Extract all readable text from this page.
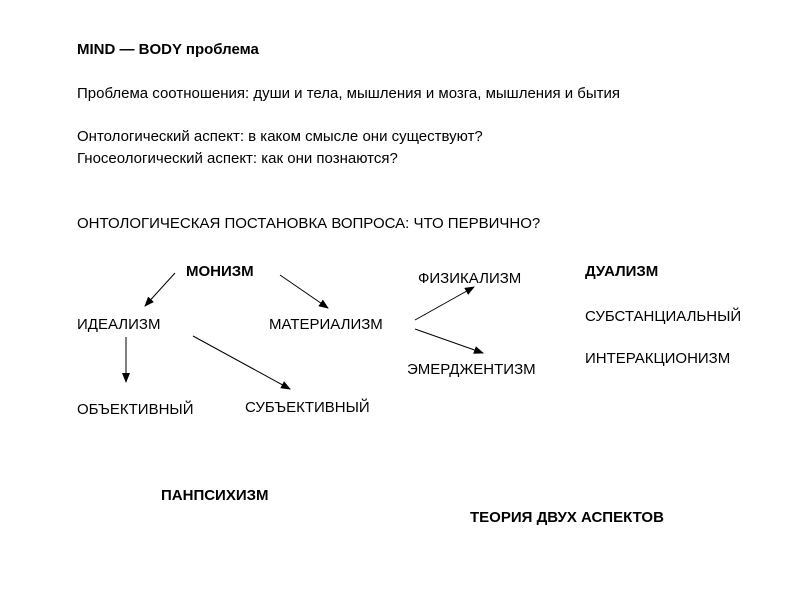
MIND — BODY проблема
Проблема соотношения: души и тела, мышления и мозга, мышления и бытия
Онтологический аспект: в каком смысле они существуют?
Гносеологический аспект: как они познаются?
ОНТОЛОГИЧЕСКАЯ ПОСТАНОВКА ВОПРОСА: ЧТО ПЕРВИЧНО?
МОНИЗМ
ИДЕАЛИЗМ	МАТЕРИАЛИЗМ
ФИЗИКАЛИЗМ
ЭМЕРДЖЕНТИЗМ
ОБЪЕКТИВНЫЙ	СУБЪЕКТИВНЫЙ
ДУАЛИЗМ
СУБСТАНЦИАЛЬНЫЙ
ИНТЕРАКЦИОНИЗМ
ПАНПСИХИЗМ
ТЕОРИЯ ДВУХ АСПЕКТОВ
